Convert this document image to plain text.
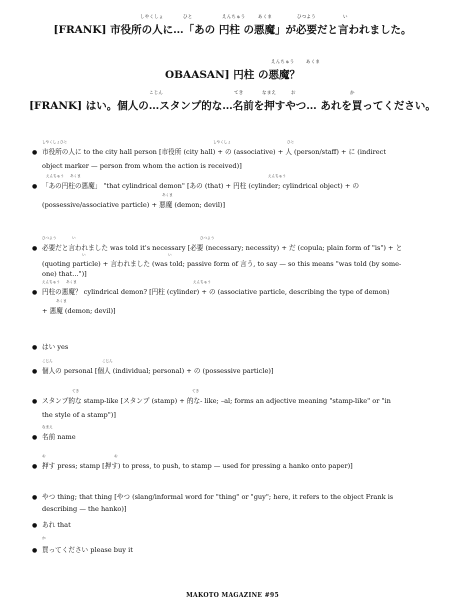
しやくしょ	ひと	えんちゅう	あくま	ひつよう	い
[FRANK] 市役所の人に…「あの 円柱 の悪魔」が必要だと言われました。
えんちゅう	あくま
OBAASAN] 円柱 の悪魔？
こじん	てき	なまえ	お	か
[FRANK] はい。個人の…スタンプ的な…名前を押すやつ… あれを買ってください。
しやくしょ ひと	しやくしょ	ひと
● 市役所の人に to the city hall person [市役所 (city hall) + の (associative) + 人 (person/staff) + に (indirect
object marker — person from whom the action is received)]
えんちゅう あくま	えんちゅう
● 「あの円柱の悪魔」 "that cylindrical demon" [あの (that) + 円柱 (cylinder; cylindrical object) + の
あくま
(possessive/associative particle) + 悪魔 (demon; devil)]
ひつよう	い	ひつよう
● 必要だと言われました was told it's necessary [必要 (necessary; necessity) + だ (copula; plain form of "is") + と
い	い
(quoting particle) + 言われました (was told; passive form of 言う, to say — so this means "was told (by some-
one) that...")]
えんちゅう あくま	えんちゅう
● 円柱の悪魔？ cylindrical demon? [円柱 (cylinder) + の (associative particle, describing the type of demon)
あくま
+ 悪魔 (demon; devil)]
● はい yes
こじん	こじん
● 個人の personal [個人 (individual; personal) + の (possessive particle)]
てき	てき
● スタンプ的な stamp-like [スタンプ (stamp) + 的な- like; –al; forms an adjective meaning "stamp-like" or "in
the style of a stamp")]
なまえ
● 名前 name
お	お
● 押す press; stamp [押す) to press, to push, to stamp — used for pressing a hanko onto paper)]
● やつ thing; that thing [やつ (slang/informal word for "thing" or "guy"; here, it refers to the object Frank is
describing — the hanko)]
● あれ that
か
● 買ってください please buy it
MAKOTO MAGAZINE #95
